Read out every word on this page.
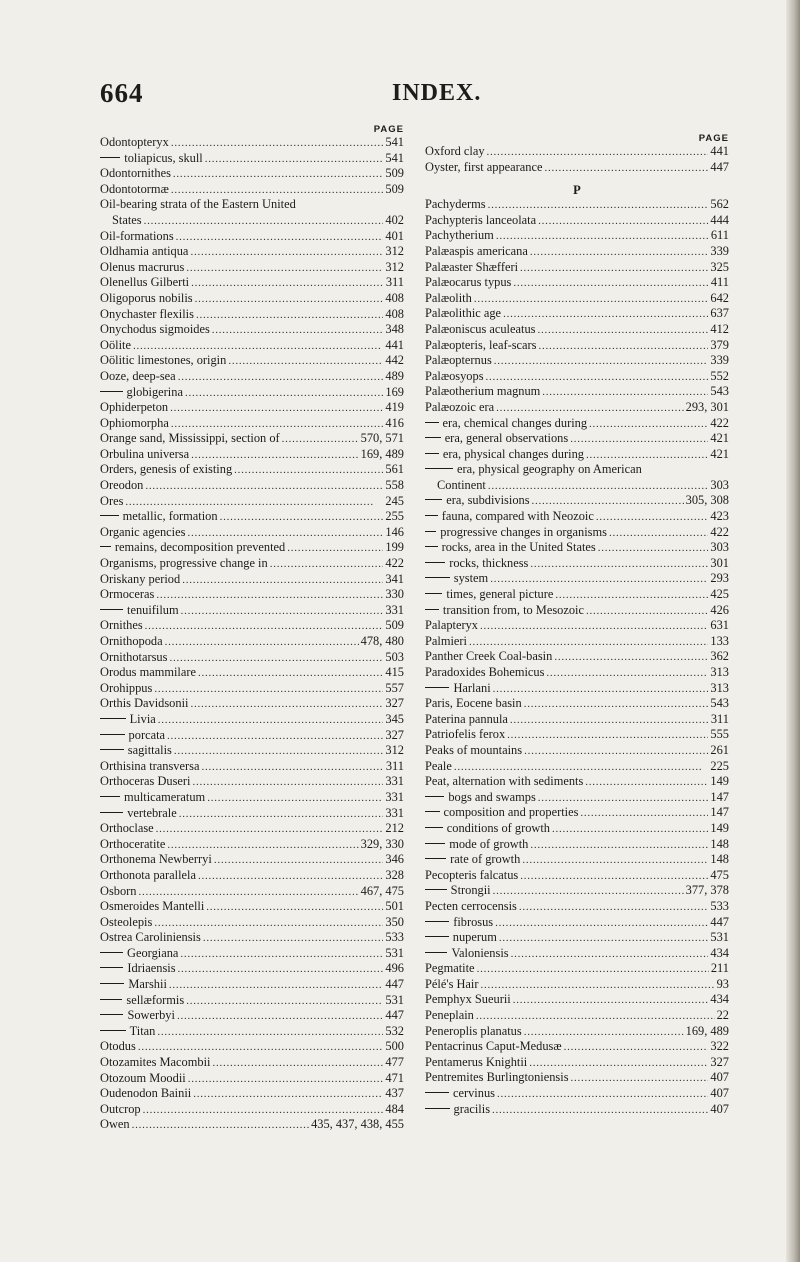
664	INDEX.
PAGE
Odontopteryx . . .	541
toliapicus, skull . . .	541
Odontornithes . . .	509
Odontotormæ . . .	509
Oil-bearing strata of the Eastern United
States . . .	402
Oil-formations . . .	401
Oldhamia antiqua . . .	312
Olenus macrurus . . .	312
Olenellus Gilberti . . .	311
Oligoporus nobilis . . .	408
Onychaster flexilis . . .	408
Onychodus sigmoides . . .	348
Oölite . . .	441
Oölitic limestones, origin . . .	442
Ooze, deep-sea . . .	489
globigerina . . .	169
Ophiderpeton . . .	419
Ophiomorpha . . .	416
Orange sand, Mississippi, section of . . .	570, 571
Orbulina universa . . .	169, 489
Orders, genesis of existing . . .	561
Oreodon . . .	558
Ores . . .	245
metallic, formation . . .	255
Organic agencies . . .	146
remains, decomposition prevented . . .	199
Organisms, progressive change in . . .	422
Oriskany period . . .	341
Ormoceras . . .	330
tenuifilum . . .	331
Ornithes . . .	509
Ornithopoda . . .	478, 480
Ornithotarsus . . .	503
Orodus mammilare . . .	415
Orohippus . . .	557
Orthis Davidsonii . . .	327
Livia . . .	345
porcata . . .	327
sagittalis . . .	312
Orthisina transversa . . .	311
Orthoceras Duseri . . .	331
multicameratum . . .	331
vertebrale . . .	331
Orthoclase . . .	212
Orthoceratite . . .	329, 330
Orthonema Newberryi . . .	346
Orthonota parallela . . .	328
Osborn . . .	467, 475
Osmeroides Mantelli . . .	501
Osteolepis . . .	350
Ostrea Caroliniensis . . .	533
Georgiana . . .	531
Idriaensis . . .	496
Marshii . . .	447
sellæformis . . .	531
Sowerbyi . . .	447
Titan . . .	532
Otodus . . .	500
Otozamites Macombii . . .	477
Otozoum Moodii . . .	471
Oudenodon Bainii . . .	437
Outcrop . . .	484
Owen . . .	435, 437, 438, 455
PAGE
Oxford clay . . .	441
Oyster, first appearance . . .	447
P
Pachyderms . . .	562
Pachypteris lanceolata . . .	444
Pachytherium . . .	611
Palæaspis americana . . .	339
Palæaster Shæfferi . . .	325
Palæocarus typus . . .	411
Palæolith . . .	642
Palæolithic age . . .	637
Palæoniscus aculeatus . . .	412
Palæopteris, leaf-scars . . .	379
Palæopternus . . .	339
Palæosyops . . .	552
Palæotherium magnum . . .	543
Palæozoic era . . .	293, 301
era, chemical changes during . . .	422
era, general observations . . .	421
era, physical changes during . . .	421
era, physical geography on American
Continent . . .	303
era, subdivisions . . .	305, 308
fauna, compared with Neozoic . . .	423
progressive changes in organisms . . .	422
rocks, area in the United States . . .	303
rocks, thickness . . .	301
system . . .	293
times, general picture . . .	425
transition from, to Mesozoic . . .	426
Palapteryx . . .	631
Palmieri . . .	133
Panther Creek Coal-basin . . .	362
Paradoxides Bohemicus . . .	313
Harlani . . .	313
Paris, Eocene basin . . .	543
Paterina pannula . . .	311
Patriofelis ferox . . .	555
Peaks of mountains . . .	261
Peale . . .	225
Peat, alternation with sediments . . .	149
bogs and swamps . . .	147
composition and properties . . .	147
conditions of growth . . .	149
mode of growth . . .	148
rate of growth . . .	148
Pecopteris falcatus . . .	475
Strongii . . .	377, 378
Pecten cerrocensis . . .	533
fibrosus . . .	447
nuperum . . .	531
Valoniensis . . .	434
Pegmatite . . .	211
Pélé's Hair . . .	93
Pemphyx Sueurii . . .	434
Peneplain . . .	22
Peneroplis planatus . . .	169, 489
Pentacrinus Caput-Medusæ . . .	322
Pentamerus Knightii . . .	327
Pentremites Burlingtoniensis . . .	407
cervinus . . .	407
gracilis . . .	407
